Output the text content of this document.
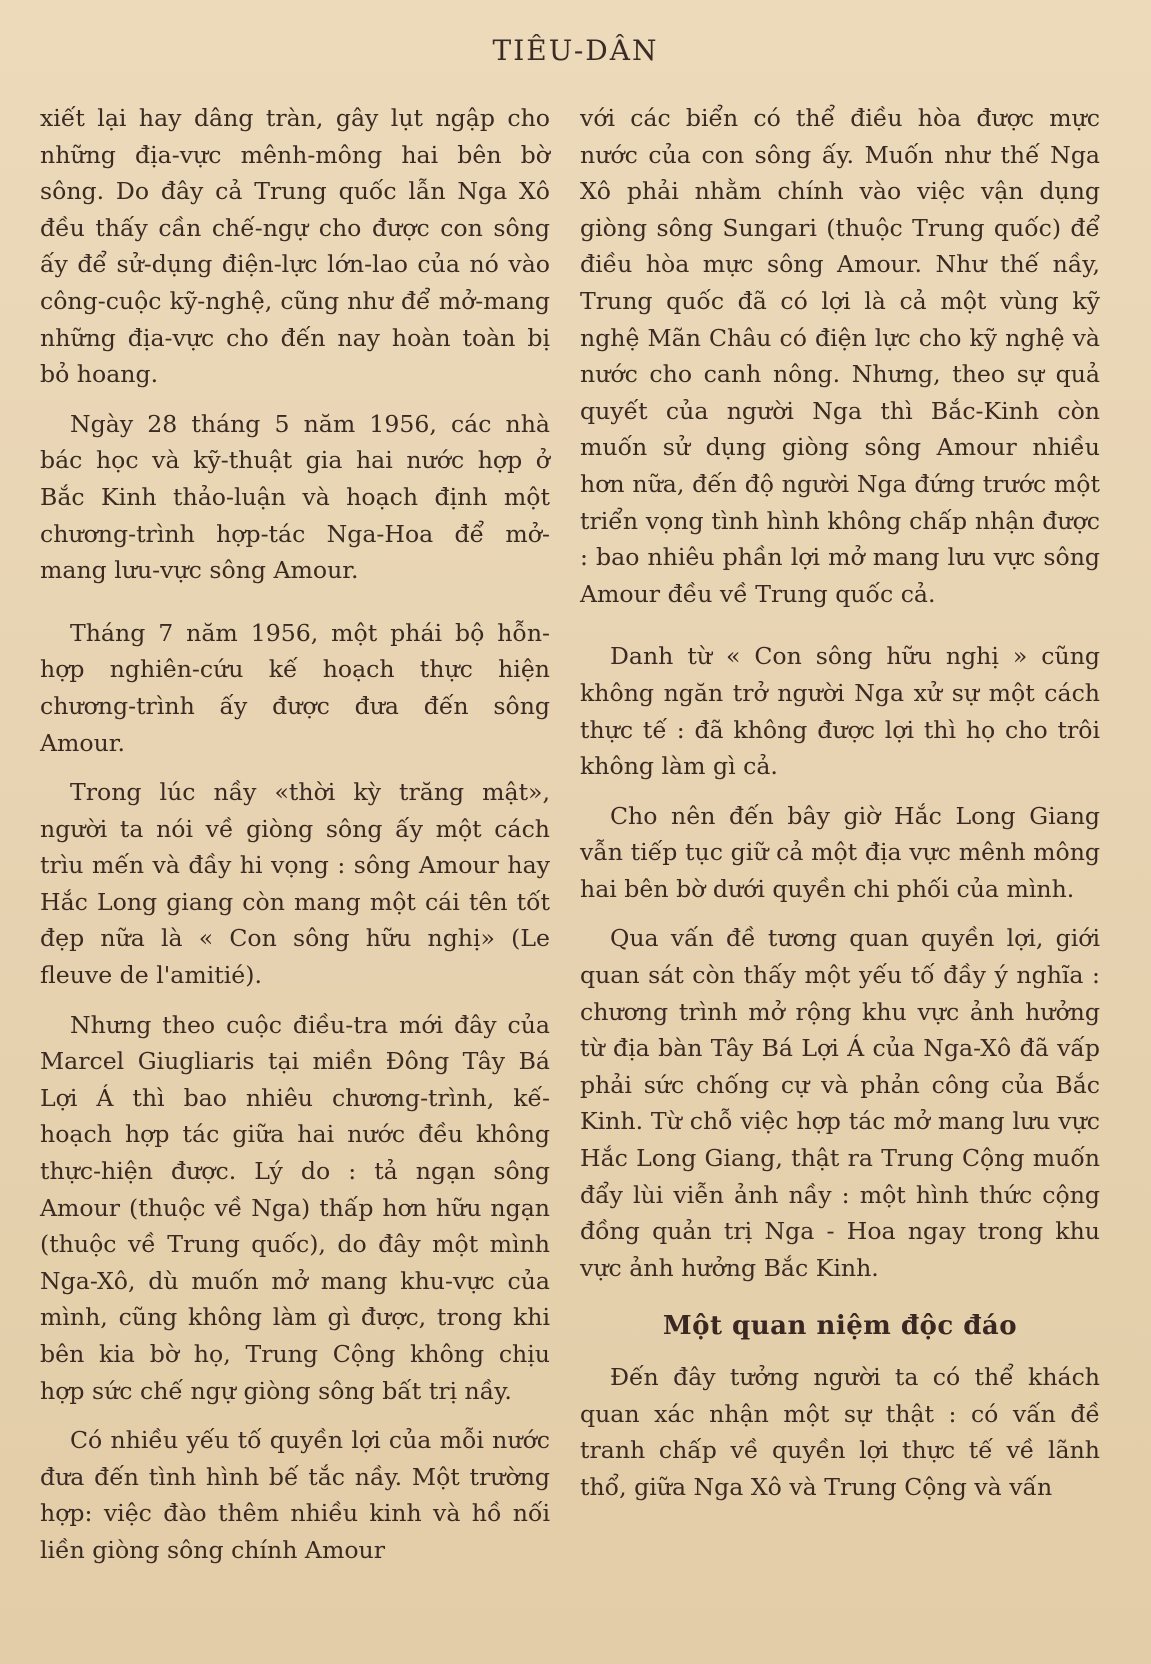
TIÊU-DÂN

xiết lại hay dâng tràn, gây lụt ngập cho những địa-vực mênh-mông hai bên bờ sông. Do đây cả Trung quốc lẫn Nga Xô đều thấy cần chế-ngự cho được con sông ấy để sử-dụng điện-lực lớn-lao của nó vào công-cuộc kỹ-nghệ, cũng như để mở-mang những địa-vực cho đến nay hoàn toàn bị bỏ hoang.

Ngày 28 tháng 5 năm 1956, các nhà bác học và kỹ-thuật gia hai nước hợp ở Bắc Kinh thảo-luận và hoạch định một chương-trình hợp-tác Nga-Hoa để mở-mang lưu-vực sông Amour.

Tháng 7 năm 1956, một phái bộ hỗn-hợp nghiên-cứu kế hoạch thực hiện chương-trình ấy được đưa đến sông Amour.

Trong lúc nầy «thời kỳ trăng mật», người ta nói về giòng sông ấy một cách trìu mến và đầy hi vọng : sông Amour hay Hắc Long giang còn mang một cái tên tốt đẹp nữa là « Con sông hữu nghị» (Le fleuve de l'amitié).

Nhưng theo cuộc điều-tra mới đây của Marcel Giugliaris tại miền Đông Tây Bá Lợi Á thì bao nhiêu chương-trình, kế-hoạch hợp tác giữa hai nước đều không thực-hiện được. Lý do : tả ngạn sông Amour (thuộc về Nga) thấp hơn hữu ngạn (thuộc về Trung quốc), do đây một mình Nga-Xô, dù muốn mở mang khu-vực của mình, cũng không làm gì được, trong khi bên kia bờ họ, Trung Cộng không chịu hợp sức chế ngự giòng sông bất trị nầy.

Có nhiều yếu tố quyền lợi của mỗi nước đưa đến tình hình bế tắc nầy. Một trường hợp: việc đào thêm nhiều kinh và hồ nối liền giòng sông chính Amour

với các biển có thể điều hòa được mực nước của con sông ấy. Muốn như thế Nga Xô phải nhằm chính vào việc vận dụng giòng sông Sungari (thuộc Trung quốc) để điều hòa mực sông Amour. Như thế nầy, Trung quốc đã có lợi là cả một vùng kỹ nghệ Mãn Châu có điện lực cho kỹ nghệ và nước cho canh nông. Nhưng, theo sự quả quyết của người Nga thì Bắc-Kinh còn muốn sử dụng giòng sông Amour nhiều hơn nữa, đến độ người Nga đứng trước một triển vọng tình hình không chấp nhận được : bao nhiêu phần lợi mở mang lưu vực sông Amour đều về Trung quốc cả.

Danh từ « Con sông hữu nghị » cũng không ngăn trở người Nga xử sự một cách thực tế : đã không được lợi thì họ cho trôi không làm gì cả.

Cho nên đến bây giờ Hắc Long Giang vẫn tiếp tục giữ cả một địa vực mênh mông hai bên bờ dưới quyền chi phối của mình.

Qua vấn đề tương quan quyền lợi, giới quan sát còn thấy một yếu tố đầy ý nghĩa : chương trình mở rộng khu vực ảnh hưởng từ địa bàn Tây Bá Lợi Á của Nga-Xô đã vấp phải sức chống cự và phản công của Bắc Kinh. Từ chỗ việc hợp tác mở mang lưu vực Hắc Long Giang, thật ra Trung Cộng muốn đẩy lùi viễn ảnh nầy : một hình thức cộng đồng quản trị Nga - Hoa ngay trong khu vực ảnh hưởng Bắc Kinh.

Một quan niệm độc đáo

Đến đây tưởng người ta có thể khách quan xác nhận một sự thật : có vấn đề tranh chấp về quyền lợi thực tế về lãnh thổ, giữa Nga Xô và Trung Cộng và vấn
